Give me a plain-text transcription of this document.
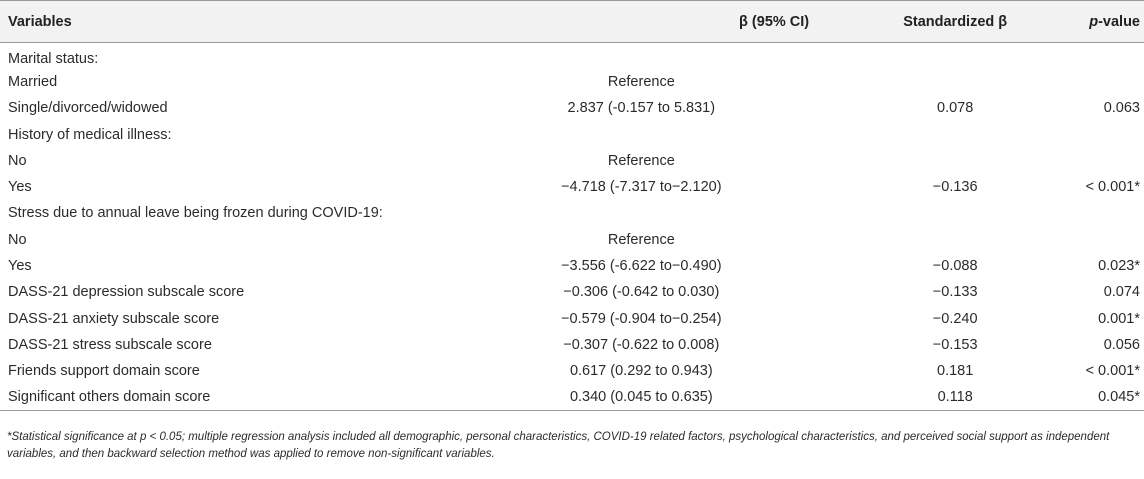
Variables	β (95% CI)	Standardized β	p-value
Marital status:			
Married	Reference		
Single/divorced/widowed	2.837 (-0.157 to 5.831)	0.078	0.063
History of medical illness:			
No	Reference		
Yes	−4.718 (-7.317 to−2.120)	−0.136	< 0.001*
Stress due to annual leave being frozen during COVID-19:			
No	Reference		
Yes	−3.556 (-6.622 to−0.490)	−0.088	0.023*
DASS-21 depression subscale score	−0.306 (-0.642 to 0.030)	−0.133	0.074
DASS-21 anxiety subscale score	−0.579 (-0.904 to−0.254)	−0.240	0.001*
DASS-21 stress subscale score	−0.307 (-0.622 to 0.008)	−0.153	0.056
Friends support domain score	0.617 (0.292 to 0.943)	0.181	< 0.001*
Significant others domain score	0.340 (0.045 to 0.635)	0.118	0.045*
*Statistical significance at p < 0.05; multiple regression analysis included all demographic, personal characteristics, COVID-19 related factors, psychological characteristics, and perceived social support as independent variables, and then backward selection method was applied to remove non-significant variables.
